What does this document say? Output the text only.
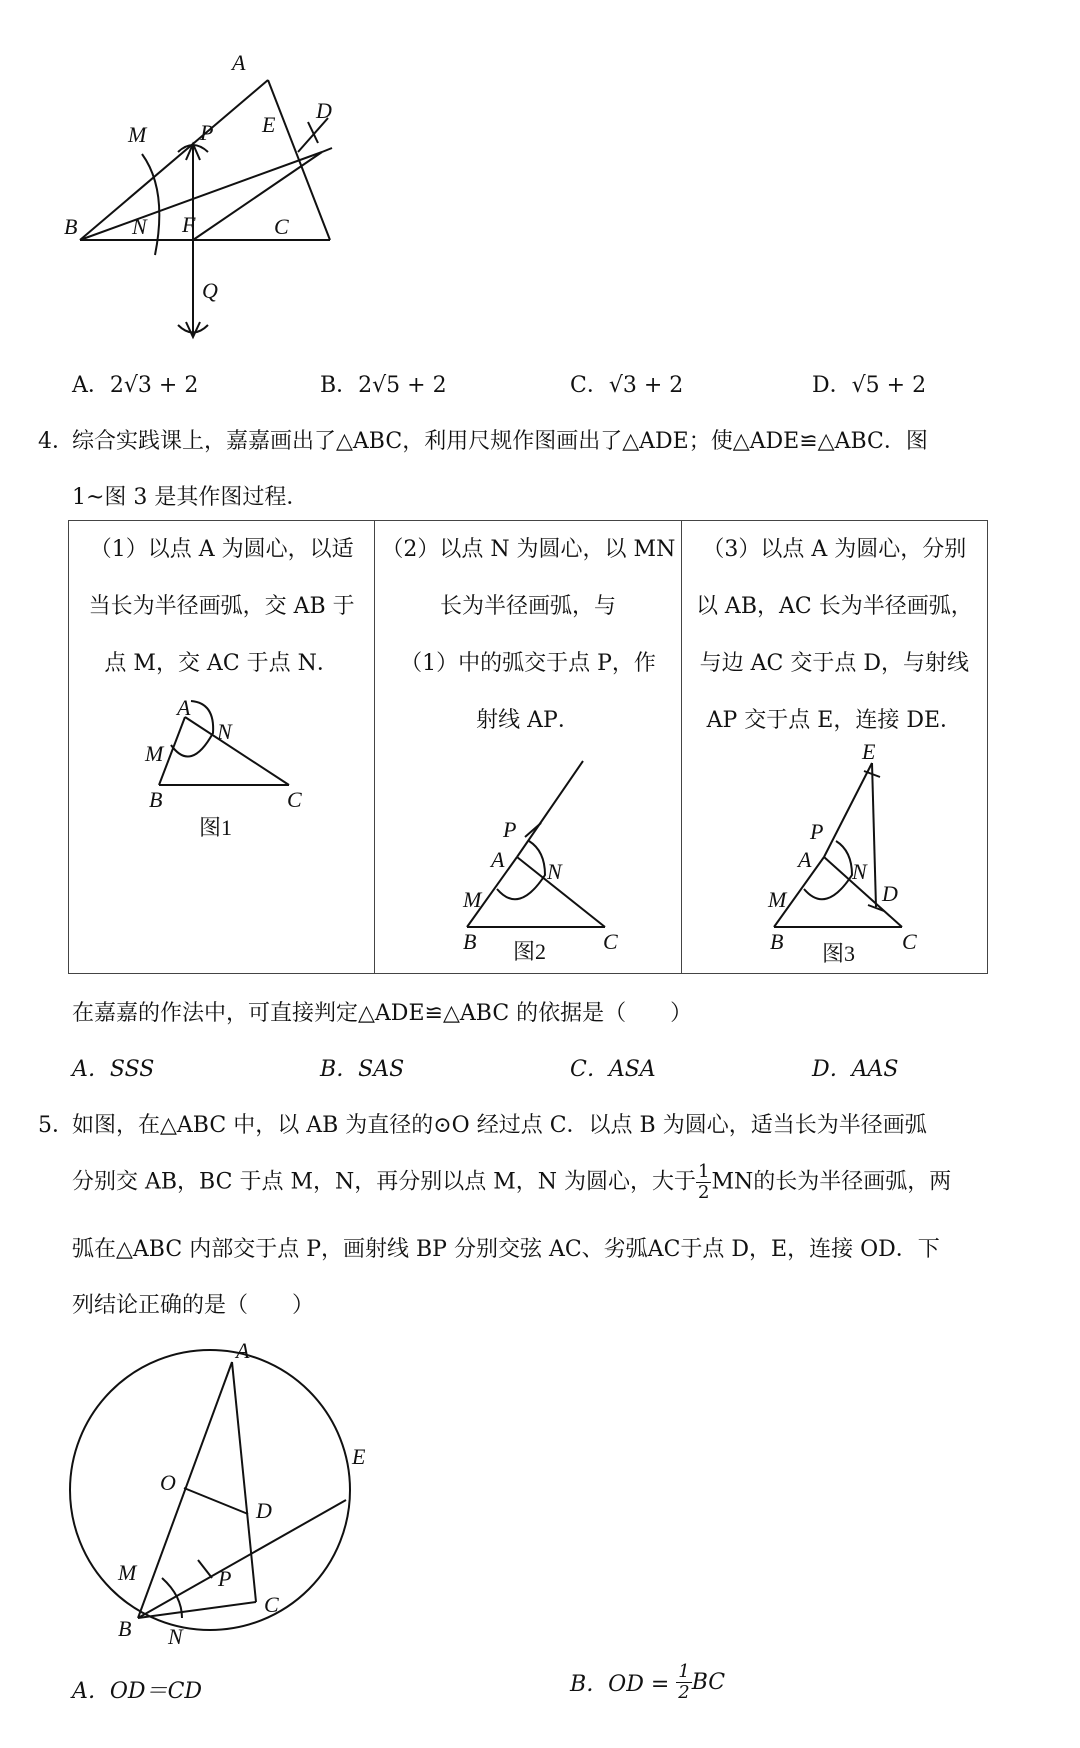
A
M P E
D
B N F	C
Q
A．2√3 + 2	B．2√5 + 2	C．√3 + 2	D．√5 + 2
4．
综合实践课上，嘉嘉画出了△ABC，利用尺规作图画出了△ADE；使△ADE≌△ABC．图
1~图 3 是其作图过程．
（1）以点 A 为圆心，以适
当长为半径画弧，交 AB 于
点 M，交 AC 于点 N．
A
N
M
B	C
图1

（2）以点 N 为圆心，以 MN
长为半径画弧，与
（1）中的弧交于点 P，作
射线 AP．
P
A N
M
B	C
图2

（3）以点 A 为圆心，分别
以 AB，AC 长为半径画弧，
与边 AC 交于点 D，与射线
AP 交于点 E，连接 DE．
E
P
A N
D
M
B	C
图3
在嘉嘉的作法中，可直接判定△ADE≌△ABC 的依据是（　　）
A．SSS	B．SAS	C．ASA	D．AAS
5．
如图，在△ABC 中，以 AB 为直径的⊙O 经过点 C．以点 B 为圆心，适当长为半径画弧
分别交 AB，BC 于点 M，N，再分别以点 M，N 为圆心，大于 $\frac{1}{2}$ MN的长为半径画弧，两
弧在△ABC 内部交于点 P，画射线 BP 分别交弦 AC、劣弧AC于点 D，E，连接 OD．下
列结论正确的是（　　）
A
O
E
D
M	P
C
B N
A．OD＝CD	B．OD = $\frac{1}{2}$ BC
